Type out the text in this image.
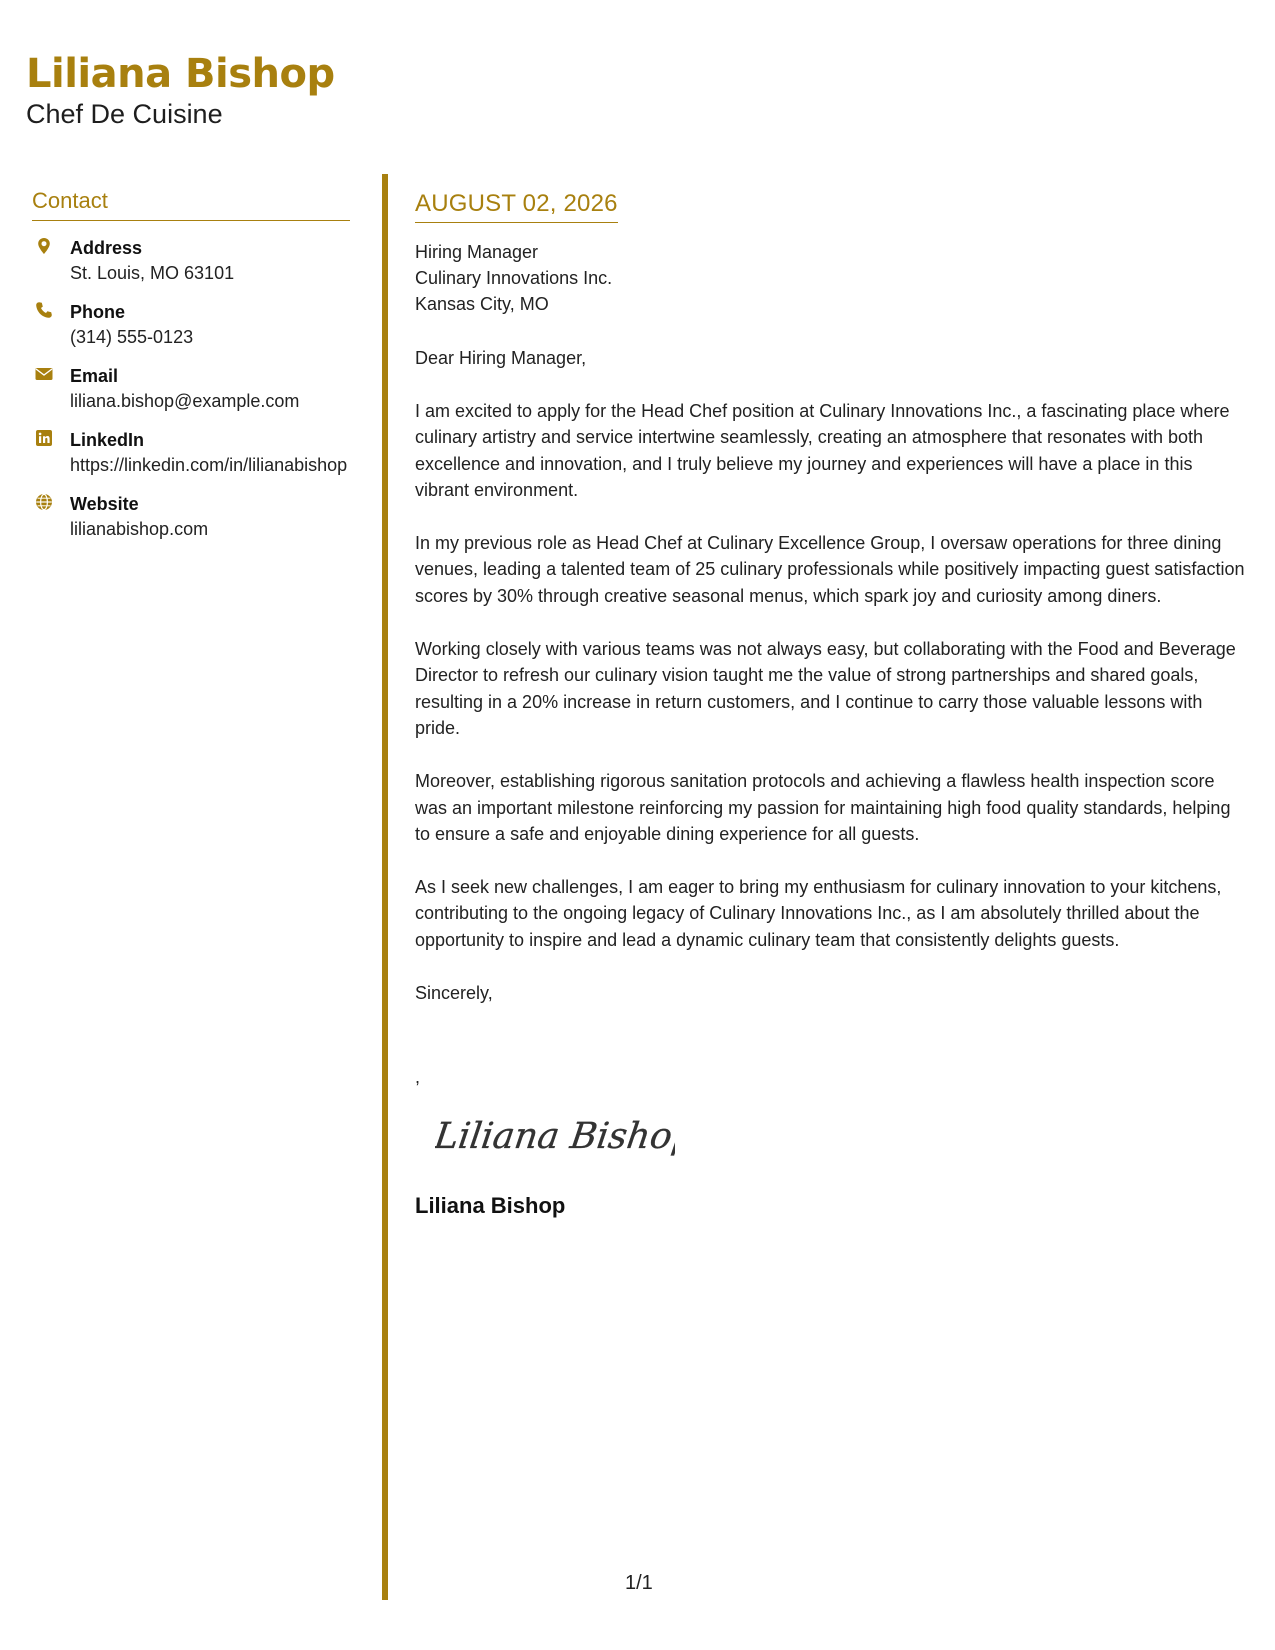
Liliana Bishop
Chef De Cuisine
Contact
Address
St. Louis, MO 63101
Phone
(314) 555-0123
Email
liliana.bishop@example.com
LinkedIn
https://linkedin.com/in/lilianabishop
Website
lilianabishop.com
AUGUST 02, 2026
Hiring Manager
Culinary Innovations Inc.
Kansas City, MO
Dear Hiring Manager,
I am excited to apply for the Head Chef position at Culinary Innovations Inc., a fascinating place where culinary artistry and service intertwine seamlessly, creating an atmosphere that resonates with both excellence and innovation, and I truly believe my journey and experiences will have a place in this vibrant environment.
In my previous role as Head Chef at Culinary Excellence Group, I oversaw operations for three dining venues, leading a talented team of 25 culinary professionals while positively impacting guest satisfaction scores by 30% through creative seasonal menus, which spark joy and curiosity among diners.
Working closely with various teams was not always easy, but collaborating with the Food and Beverage Director to refresh our culinary vision taught me the value of strong partnerships and shared goals, resulting in a 20% increase in return customers, and I continue to carry those valuable lessons with pride.
Moreover, establishing rigorous sanitation protocols and achieving a flawless health inspection score was an important milestone reinforcing my passion for maintaining high food quality standards, helping to ensure a safe and enjoyable dining experience for all guests.
As I seek new challenges, I am eager to bring my enthusiasm for culinary innovation to your kitchens, contributing to the ongoing legacy of Culinary Innovations Inc., as I am absolutely thrilled about the opportunity to inspire and lead a dynamic culinary team that consistently delights guests.
Sincerely,
,
Liliana Bishop
Liliana Bishop
1/1
